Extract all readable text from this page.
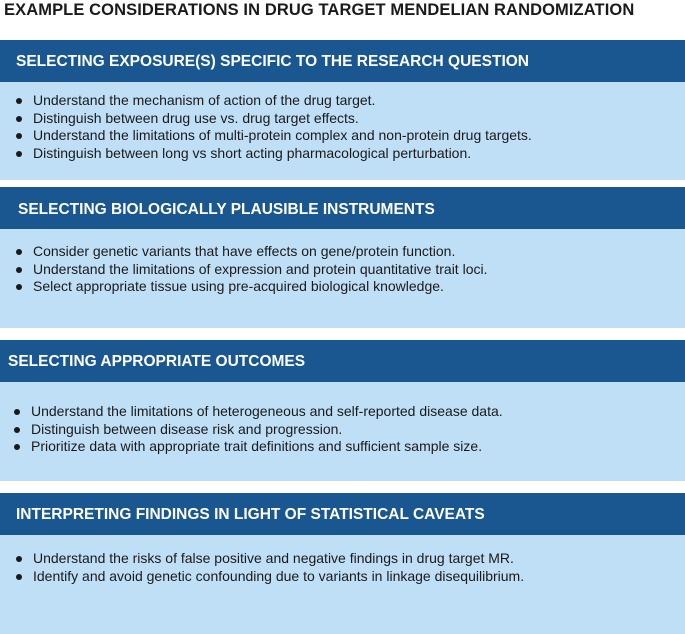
EXAMPLE CONSIDERATIONS IN DRUG TARGET MENDELIAN RANDOMIZATION
SELECTING EXPOSURE(S) SPECIFIC TO THE RESEARCH QUESTION
Understand the mechanism of action of the drug target.
Distinguish between drug use vs. drug target effects.
Understand the limitations of multi-protein complex and non-protein drug targets.
Distinguish between long vs short acting pharmacological perturbation.
SELECTING BIOLOGICALLY PLAUSIBLE INSTRUMENTS
Consider genetic variants that have effects on gene/protein function.
Understand the limitations of expression and protein quantitative trait loci.
Select appropriate tissue using pre-acquired biological knowledge.
SELECTING APPROPRIATE OUTCOMES
Understand the limitations of heterogeneous and self-reported disease data.
Distinguish between disease risk and progression.
Prioritize data with appropriate trait definitions and sufficient sample size.
INTERPRETING FINDINGS IN LIGHT OF STATISTICAL CAVEATS
Understand the risks of false positive and negative findings in drug target MR.
Identify and avoid genetic confounding due to variants in linkage disequilibrium.
